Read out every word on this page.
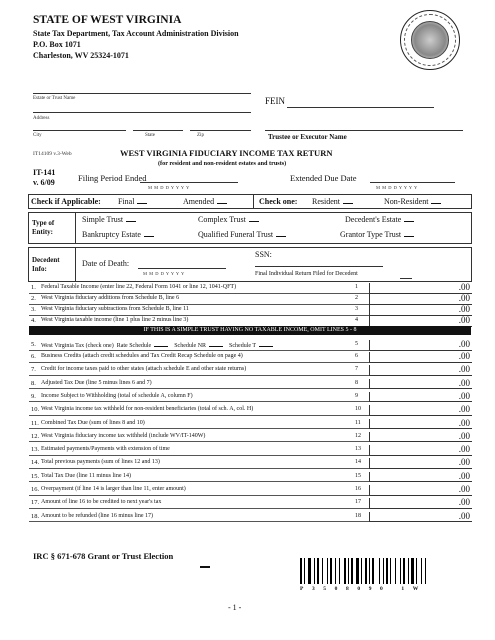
STATE OF WEST VIRGINIA
State Tax Department, Tax Account Administration Division
P.O. Box 1071
Charleston, WV 25324-1071
Estate or Trust Name
Address
City	State	Zip
FEIN
Trustee or Executor Name
IT14109 v.3-Web	WEST VIRGINIA FIDUCIARY INCOME TAX RETURN
(for resident and non-resident estates and trusts)
IT-141
v. 6/09	Filing Period Ended
M M D D Y Y Y Y
Extended Due Date
M M D D Y Y Y Y
Check if Applicable: Final	Amended	Check one: Resident	Non-Resident
Type of
Entity:
Simple Trust	Complex Trust	Decedent's Estate
Bankruptcy Estate	Qualified Funeral Trust	Grantor Type Trust
Decedent
Info:
SSN:
Date of Death:
M M D D Y Y Y Y	Final Individual Return Filed for Decedent
1. Federal Taxable Income (enter line 22, Federal Form 1041 or line 12, 1041-QFT)	1	.00
2. West Virginia fiduciary additions from Schedule B, line 6	2	.00
3. West Virginia fiduciary subtractions from Schedule B, line 11	3	.00
4. West Virginia taxable income (line 1 plus line 2 minus line 3)	4	.00
IF THIS IS A SIMPLE TRUST HAVING NO TAXABLE INCOME, OMIT LINES 5 - 8
5. West Virginia Tax (check one) Rate Schedule	Schedule NR	Schedule T	5	.00
6. Business Credits (attach credit schedules and Tax Credit Recap Schedule on page 4)	6	.00
7. Credit for income taxes paid to other states (attach schedule E and other state returns)	7	.00
8. Adjusted Tax Due (line 5 minus lines 6 and 7)	8	.00
9. Income Subject to Withholding (total of schedule A, column F)	9	.00
10. West Virginia income tax withheld for non-resident beneficiaries (total of sch. A, col. H)	10	.00
11. Combined Tax Due (sum of lines 8 and 10)	11	.00
12. West Virginia fiduciary income tax withheld (include WV/IT-140W)	12	.00
13. Estimated payments/Payments with extension of time	13	.00
14. Total previous payments (sum of lines 12 and 13)	14	.00
15. Total Tax Due (line 11 minus line 14)	15	.00
16. Overpayment (if line 14 is larger than line 11, enter amount)	16	.00
17. Amount of line 16 to be credited to next year's tax	17	.00
18. Amount to be refunded (line 16 minus line 17)	18	.00
IRC § 671-678 Grant or Trust Election
P3508090 1W
- 1 -
